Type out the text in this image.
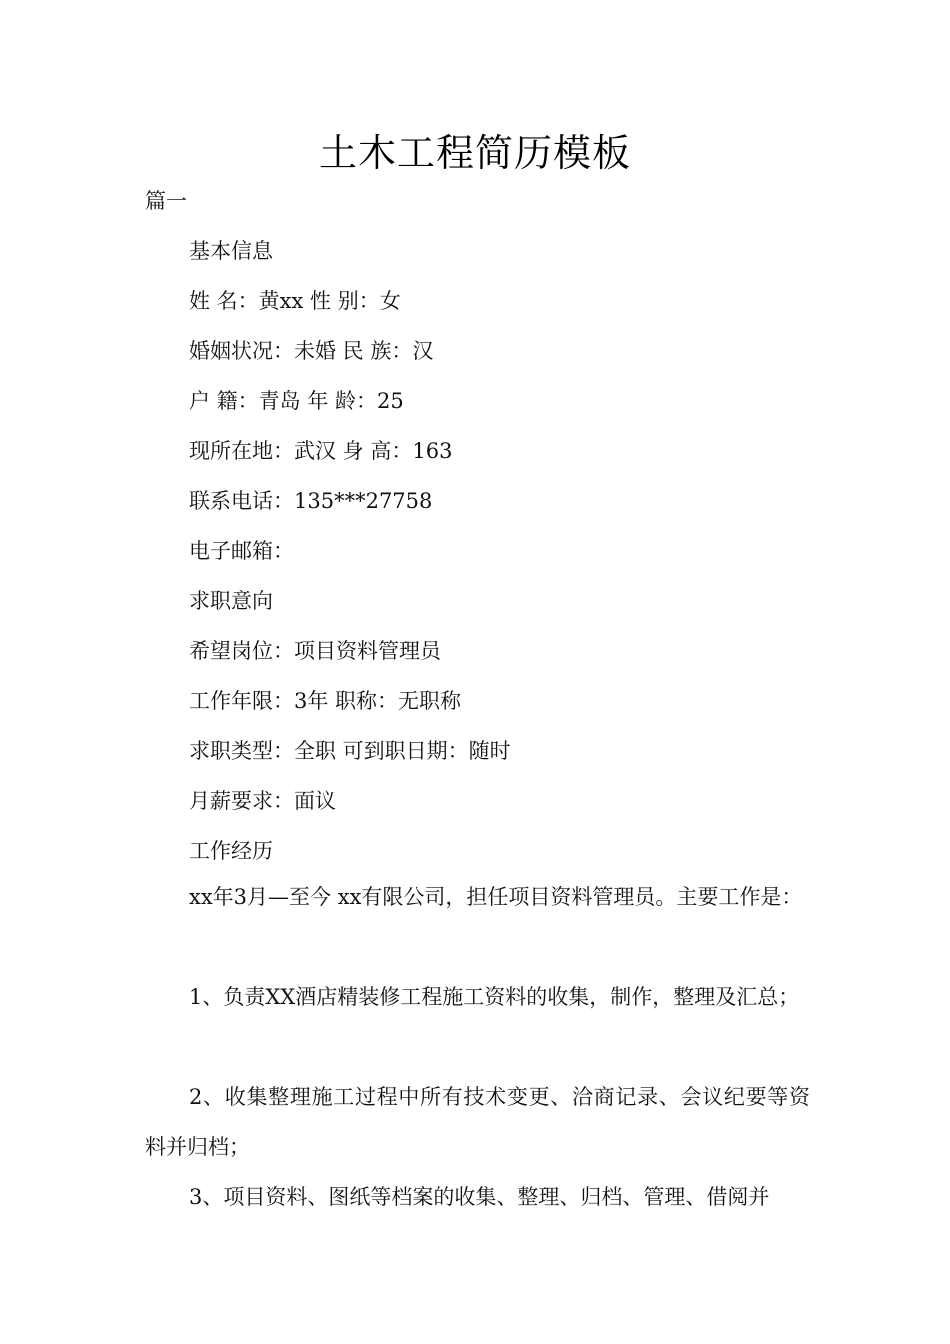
土木工程简历模板
篇一
基本信息
姓 名：黄xx 性 别：女
婚姻状况：未婚 民 族：汉
户 籍：青岛 年 龄：25
现所在地：武汉 身 高：163
联系电话：135***27758
电子邮箱：
求职意向
希望岗位：项目资料管理员
工作年限：3年 职称：无职称
求职类型：全职 可到职日期：随时
月薪要求：面议
工作经历

xx年3月—至今 xx有限公司，担任项目资料管理员。主要工作是：

1、负责XX酒店精装修工程施工资料的收集，制作，整理及汇总；

2、收集整理施工过程中所有技术变更、洽商记录、会议纪要等资料并归档；

3、项目资料、图纸等档案的收集、整理、归档、管理、借阅并
